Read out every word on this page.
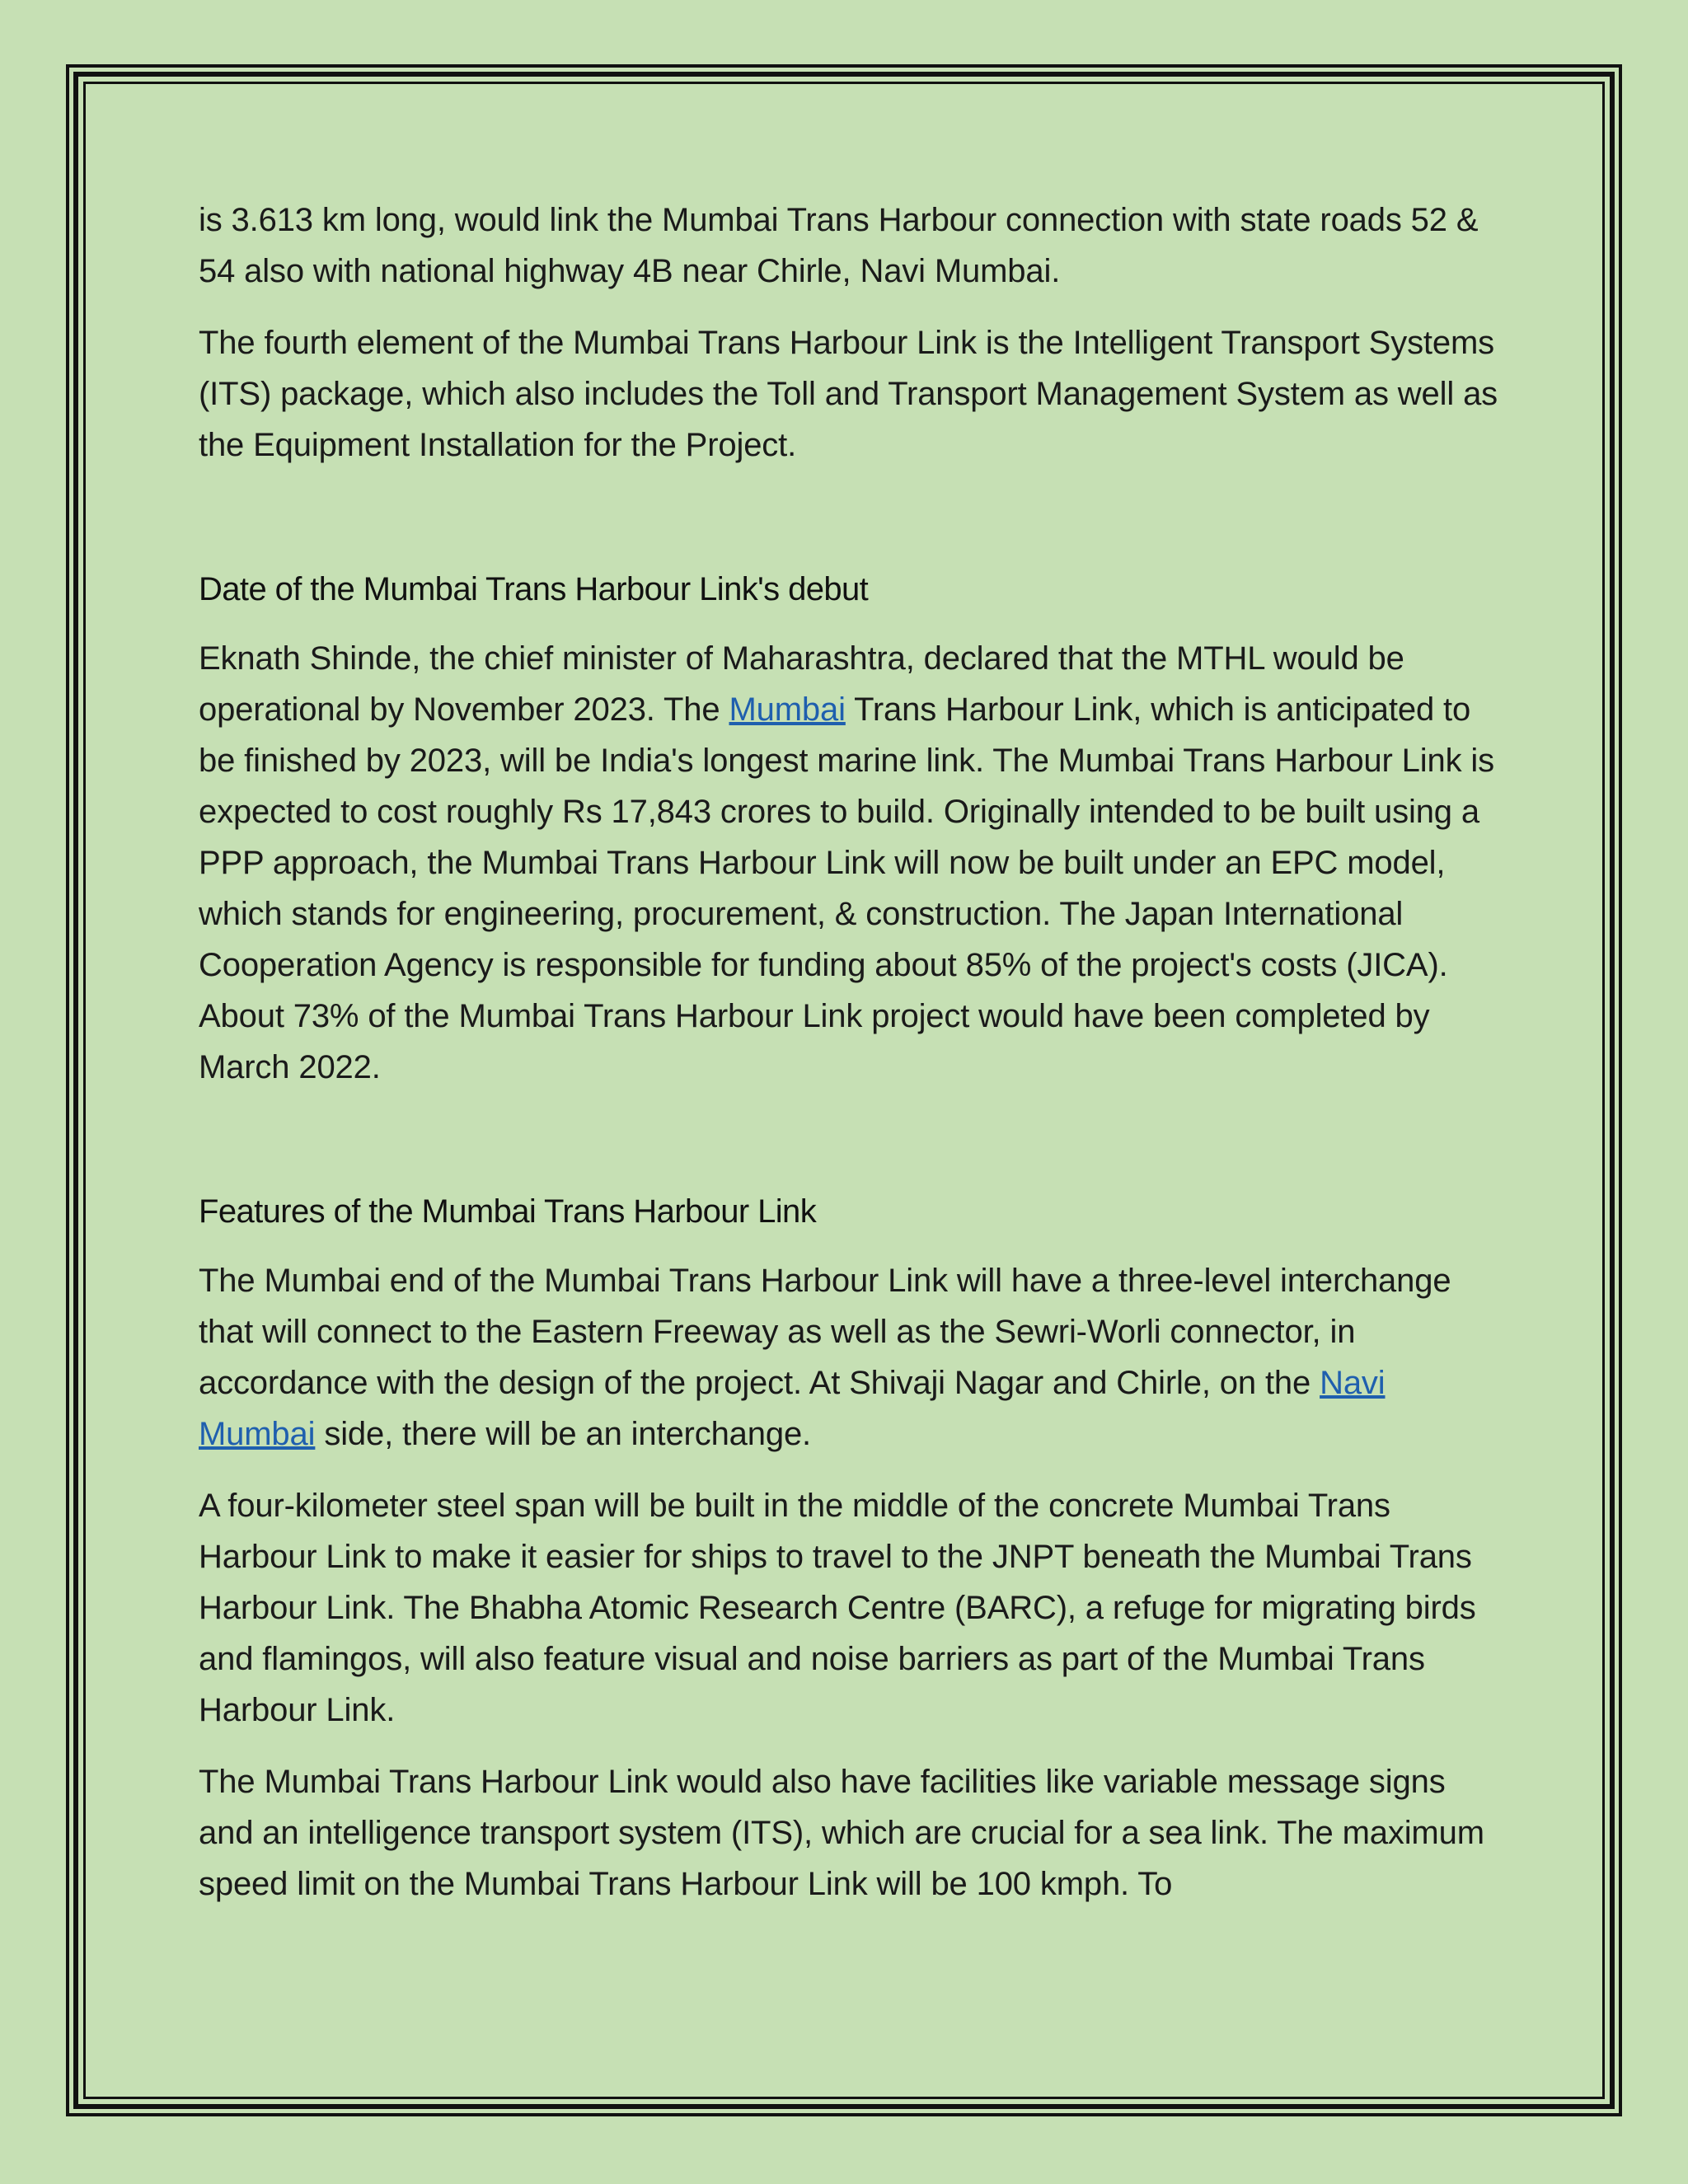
is 3.613 km long, would link the Mumbai Trans Harbour connection with state roads 52 & 54 also with national highway 4B near Chirle, Navi Mumbai.

The fourth element of the Mumbai Trans Harbour Link is the Intelligent Transport Systems (ITS) package, which also includes the Toll and Transport Management System as well as the Equipment Installation for the Project.

Date of the Mumbai Trans Harbour Link's debut

Eknath Shinde, the chief minister of Maharashtra, declared that the MTHL would be operational by November 2023. The Mumbai Trans Harbour Link, which is anticipated to be finished by 2023, will be India's longest marine link. The Mumbai Trans Harbour Link is expected to cost roughly Rs 17,843 crores to build. Originally intended to be built using a PPP approach, the Mumbai Trans Harbour Link will now be built under an EPC model, which stands for engineering, procurement, & construction. The Japan International Cooperation Agency is responsible for funding about 85% of the project's costs (JICA). About 73% of the Mumbai Trans Harbour Link project would have been completed by March 2022.

Features of the Mumbai Trans Harbour Link

The Mumbai end of the Mumbai Trans Harbour Link will have a three-level interchange that will connect to the Eastern Freeway as well as the Sewri-Worli connector, in accordance with the design of the project. At Shivaji Nagar and Chirle, on the Navi Mumbai side, there will be an interchange.

A four-kilometer steel span will be built in the middle of the concrete Mumbai Trans Harbour Link to make it easier for ships to travel to the JNPT beneath the Mumbai Trans Harbour Link. The Bhabha Atomic Research Centre (BARC), a refuge for migrating birds and flamingos, will also feature visual and noise barriers as part of the Mumbai Trans Harbour Link.

The Mumbai Trans Harbour Link would also have facilities like variable message signs and an intelligence transport system (ITS), which are crucial for a sea link. The maximum speed limit on the Mumbai Trans Harbour Link will be 100 kmph. To
